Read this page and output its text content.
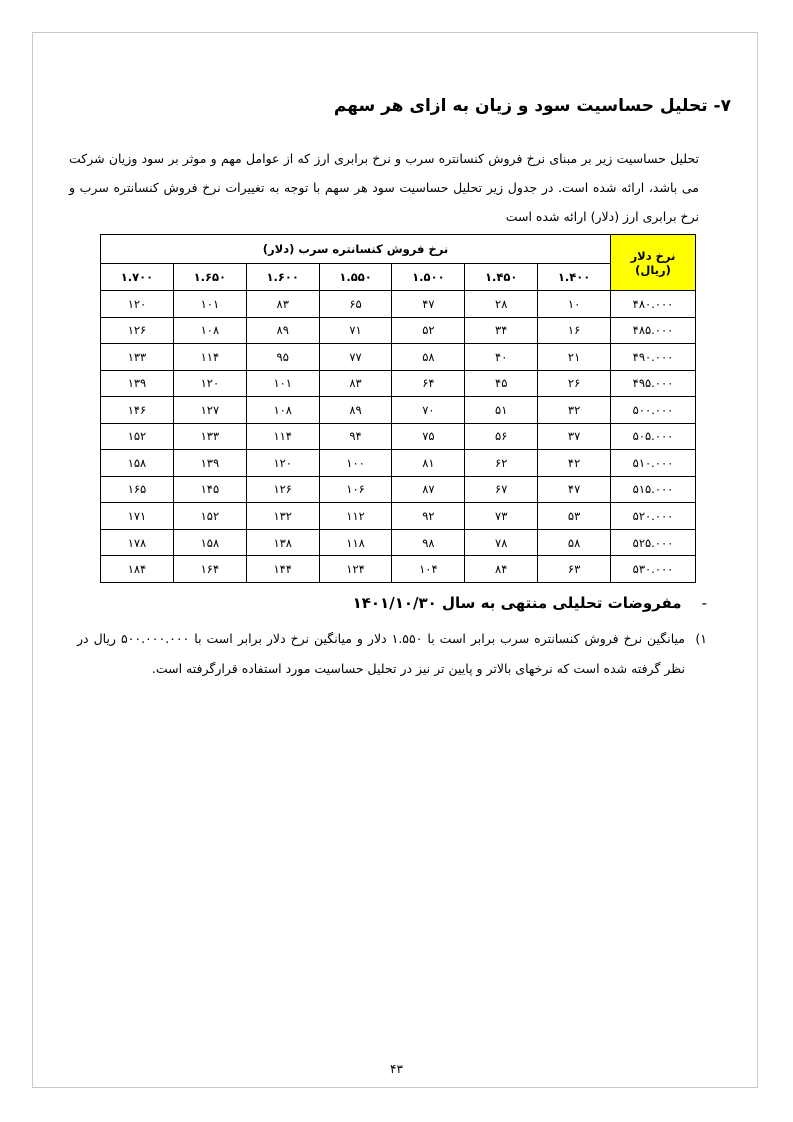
۷- تحلیل حساسیت سود و زیان به ازای هر سهم
تحلیل حساسیت زیر بر مبنای نرخ فروش کنسانتره سرب و نرخ برابری ارز که از عوامل مهم و موثر بر سود وزیان شرکت می باشد، ارائه شده است. در جدول زیر تحلیل حساسیت سود هر سهم با توجه به تغییرات نرخ فروش کنسانتره سرب و نرخ برابری ارز (دلار) ارائه شده است
نرخ دلار (ریال)	نرخ فروش کنسانتره سرب (دلار)						
	۱.۴۰۰	۱.۴۵۰	۱.۵۰۰	۱.۵۵۰	۱.۶۰۰	۱.۶۵۰	۱.۷۰۰
۴۸۰.۰۰۰	۱۰	۲۸	۴۷	۶۵	۸۳	۱۰۱	۱۲۰
۴۸۵.۰۰۰	۱۶	۳۴	۵۲	۷۱	۸۹	۱۰۸	۱۲۶
۴۹۰.۰۰۰	۲۱	۴۰	۵۸	۷۷	۹۵	۱۱۴	۱۳۳
۴۹۵.۰۰۰	۲۶	۴۵	۶۴	۸۳	۱۰۱	۱۲۰	۱۳۹
۵۰۰.۰۰۰	۳۲	۵۱	۷۰	۸۹	۱۰۸	۱۲۷	۱۴۶
۵۰۵.۰۰۰	۳۷	۵۶	۷۵	۹۴	۱۱۴	۱۳۳	۱۵۲
۵۱۰.۰۰۰	۴۲	۶۲	۸۱	۱۰۰	۱۲۰	۱۳۹	۱۵۸
۵۱۵.۰۰۰	۴۷	۶۷	۸۷	۱۰۶	۱۲۶	۱۴۵	۱۶۵
۵۲۰.۰۰۰	۵۳	۷۳	۹۲	۱۱۲	۱۳۲	۱۵۲	۱۷۱
۵۲۵.۰۰۰	۵۸	۷۸	۹۸	۱۱۸	۱۳۸	۱۵۸	۱۷۸
۵۳۰.۰۰۰	۶۳	۸۴	۱۰۴	۱۲۴	۱۴۴	۱۶۴	۱۸۴
-مفروضات تحلیلی منتهی به سال ۱۴۰۱/۱۰/۳۰
۱)
میانگین نرخ فروش کنسانتره سرب برابر است با ۱.۵۵۰ دلار و میانگین نرخ دلار برابر است با ۵۰۰.۰۰۰.۰۰۰ ریال در نظر گرفته شده است که نرخهای بالاتر و پایین تر نیز در تحلیل حساسیت مورد استفاده قرارگرفته است.
۴۳
